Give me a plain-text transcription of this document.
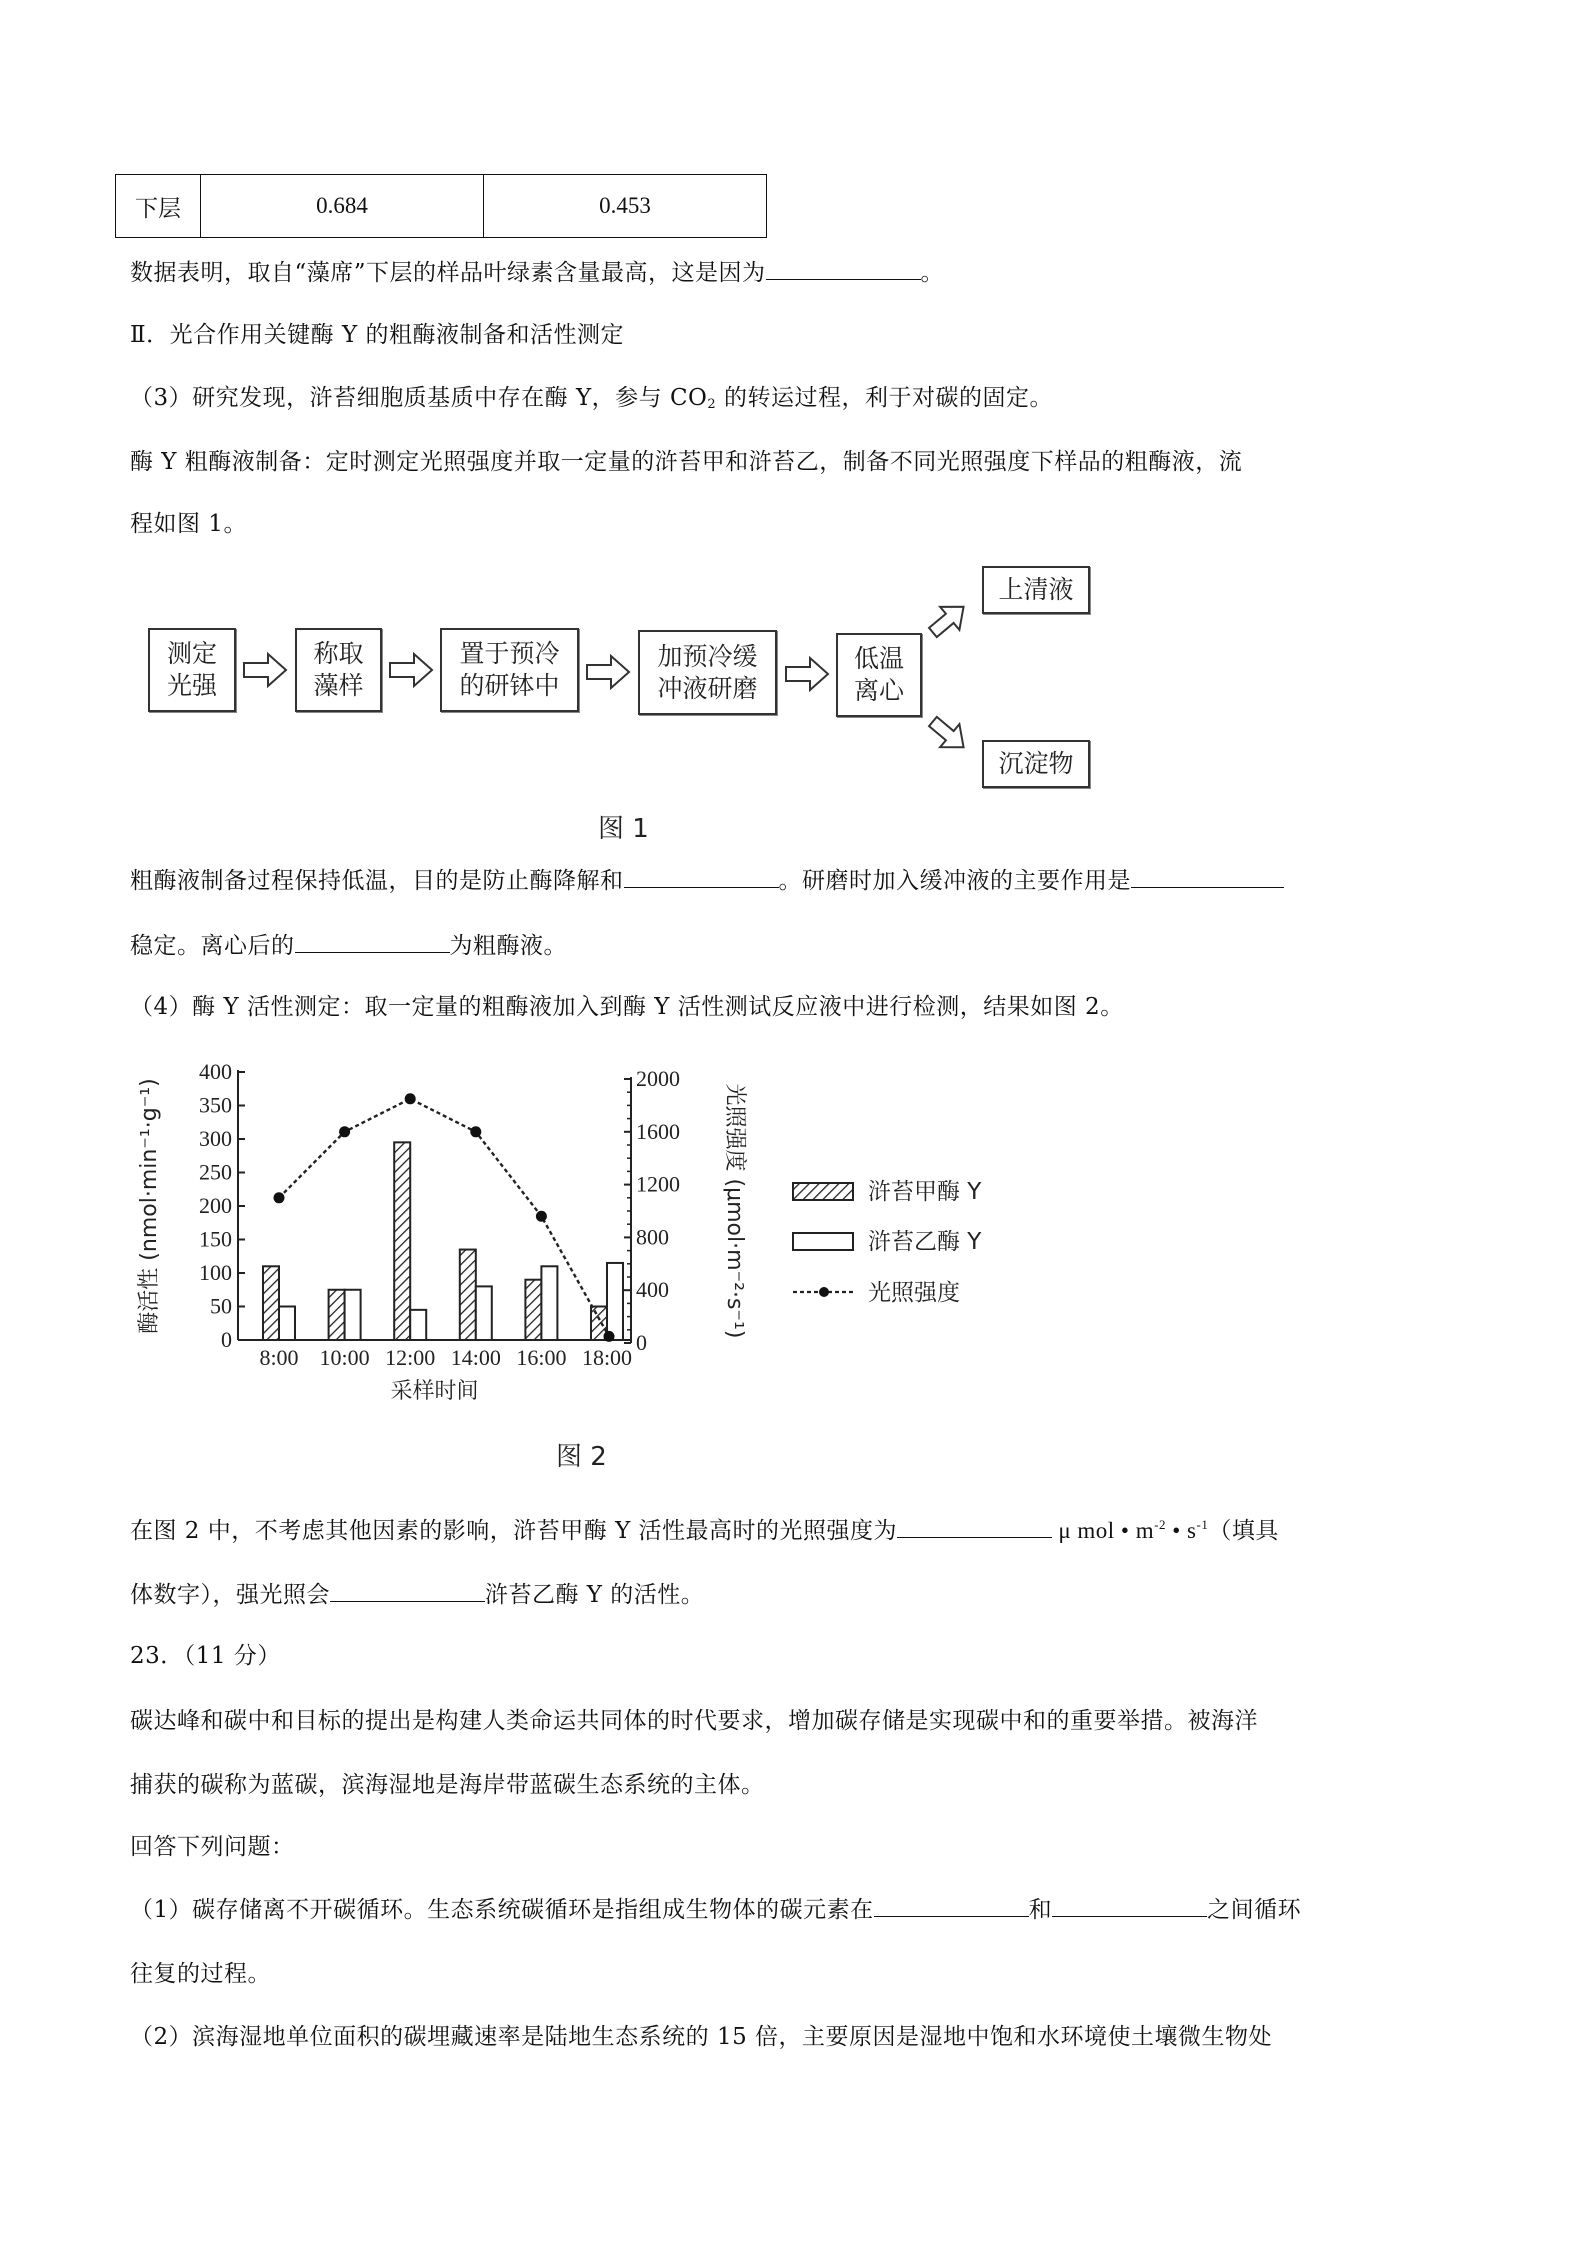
下层	0.684	0.453
数据表明，取自“藻席”下层的样品叶绿素含量最高，这是因为	。
Ⅱ．光合作用关键酶 Y 的粗酶液制备和活性测定
（3）研究发现，浒苔细胞质基质中存在酶 Y，参与 $CO_2$ 的转运过程，利于对碳的固定。
酶 Y 粗酶液制备：定时测定光照强度并取一定量的浒苔甲和浒苔乙，制备不同光照强度下样品的粗酶液，流
程如图 1。
测定
光强
称取
藻样
置于预冷
的研钵中
加预冷缓
冲液研磨
低温
离心
上清液
沉淀物
图 1
粗酶液制备过程保持低温，目的是防止酶降解和	。研磨时加入缓冲液的主要作用是
稳定。离心后的	为粗酶液。
（4）酶 Y 活性测定：取一定量的粗酶液加入到酶 Y 活性测试反应液中进行检测，结果如图 2。
0
50
100
150
200
250
300
350
400
0
400
800
1200
1600
2000
8:00 10:00 12:00 14:00 16:00 18:00
浒苔甲酶 Y
浒苔乙酶 Y
光照强度
采样时间
酶活性 (nmol·min⁻¹·g⁻¹)	光照强度 (μmol·m⁻²·s⁻¹)
图 2
在图 2 中，不考虑其他因素的影响，浒苔甲酶 Y 活性最高时的光照强度为	μ mol • $m^{-2}$ • $s^{-1}$（填具
体数字），强光照会	浒苔乙酶 Y 的活性。
23．（11 分）
碳达峰和碳中和目标的提出是构建人类命运共同体的时代要求，增加碳存储是实现碳中和的重要举措。被海洋
捕获的碳称为蓝碳，滨海湿地是海岸带蓝碳生态系统的主体。
回答下列问题：
（1）碳存储离不开碳循环。生态系统碳循环是指组成生物体的碳元素在	和	之间循环
往复的过程。
（2）滨海湿地单位面积的碳埋藏速率是陆地生态系统的 15 倍，主要原因是湿地中饱和水环境使土壤微生物处
